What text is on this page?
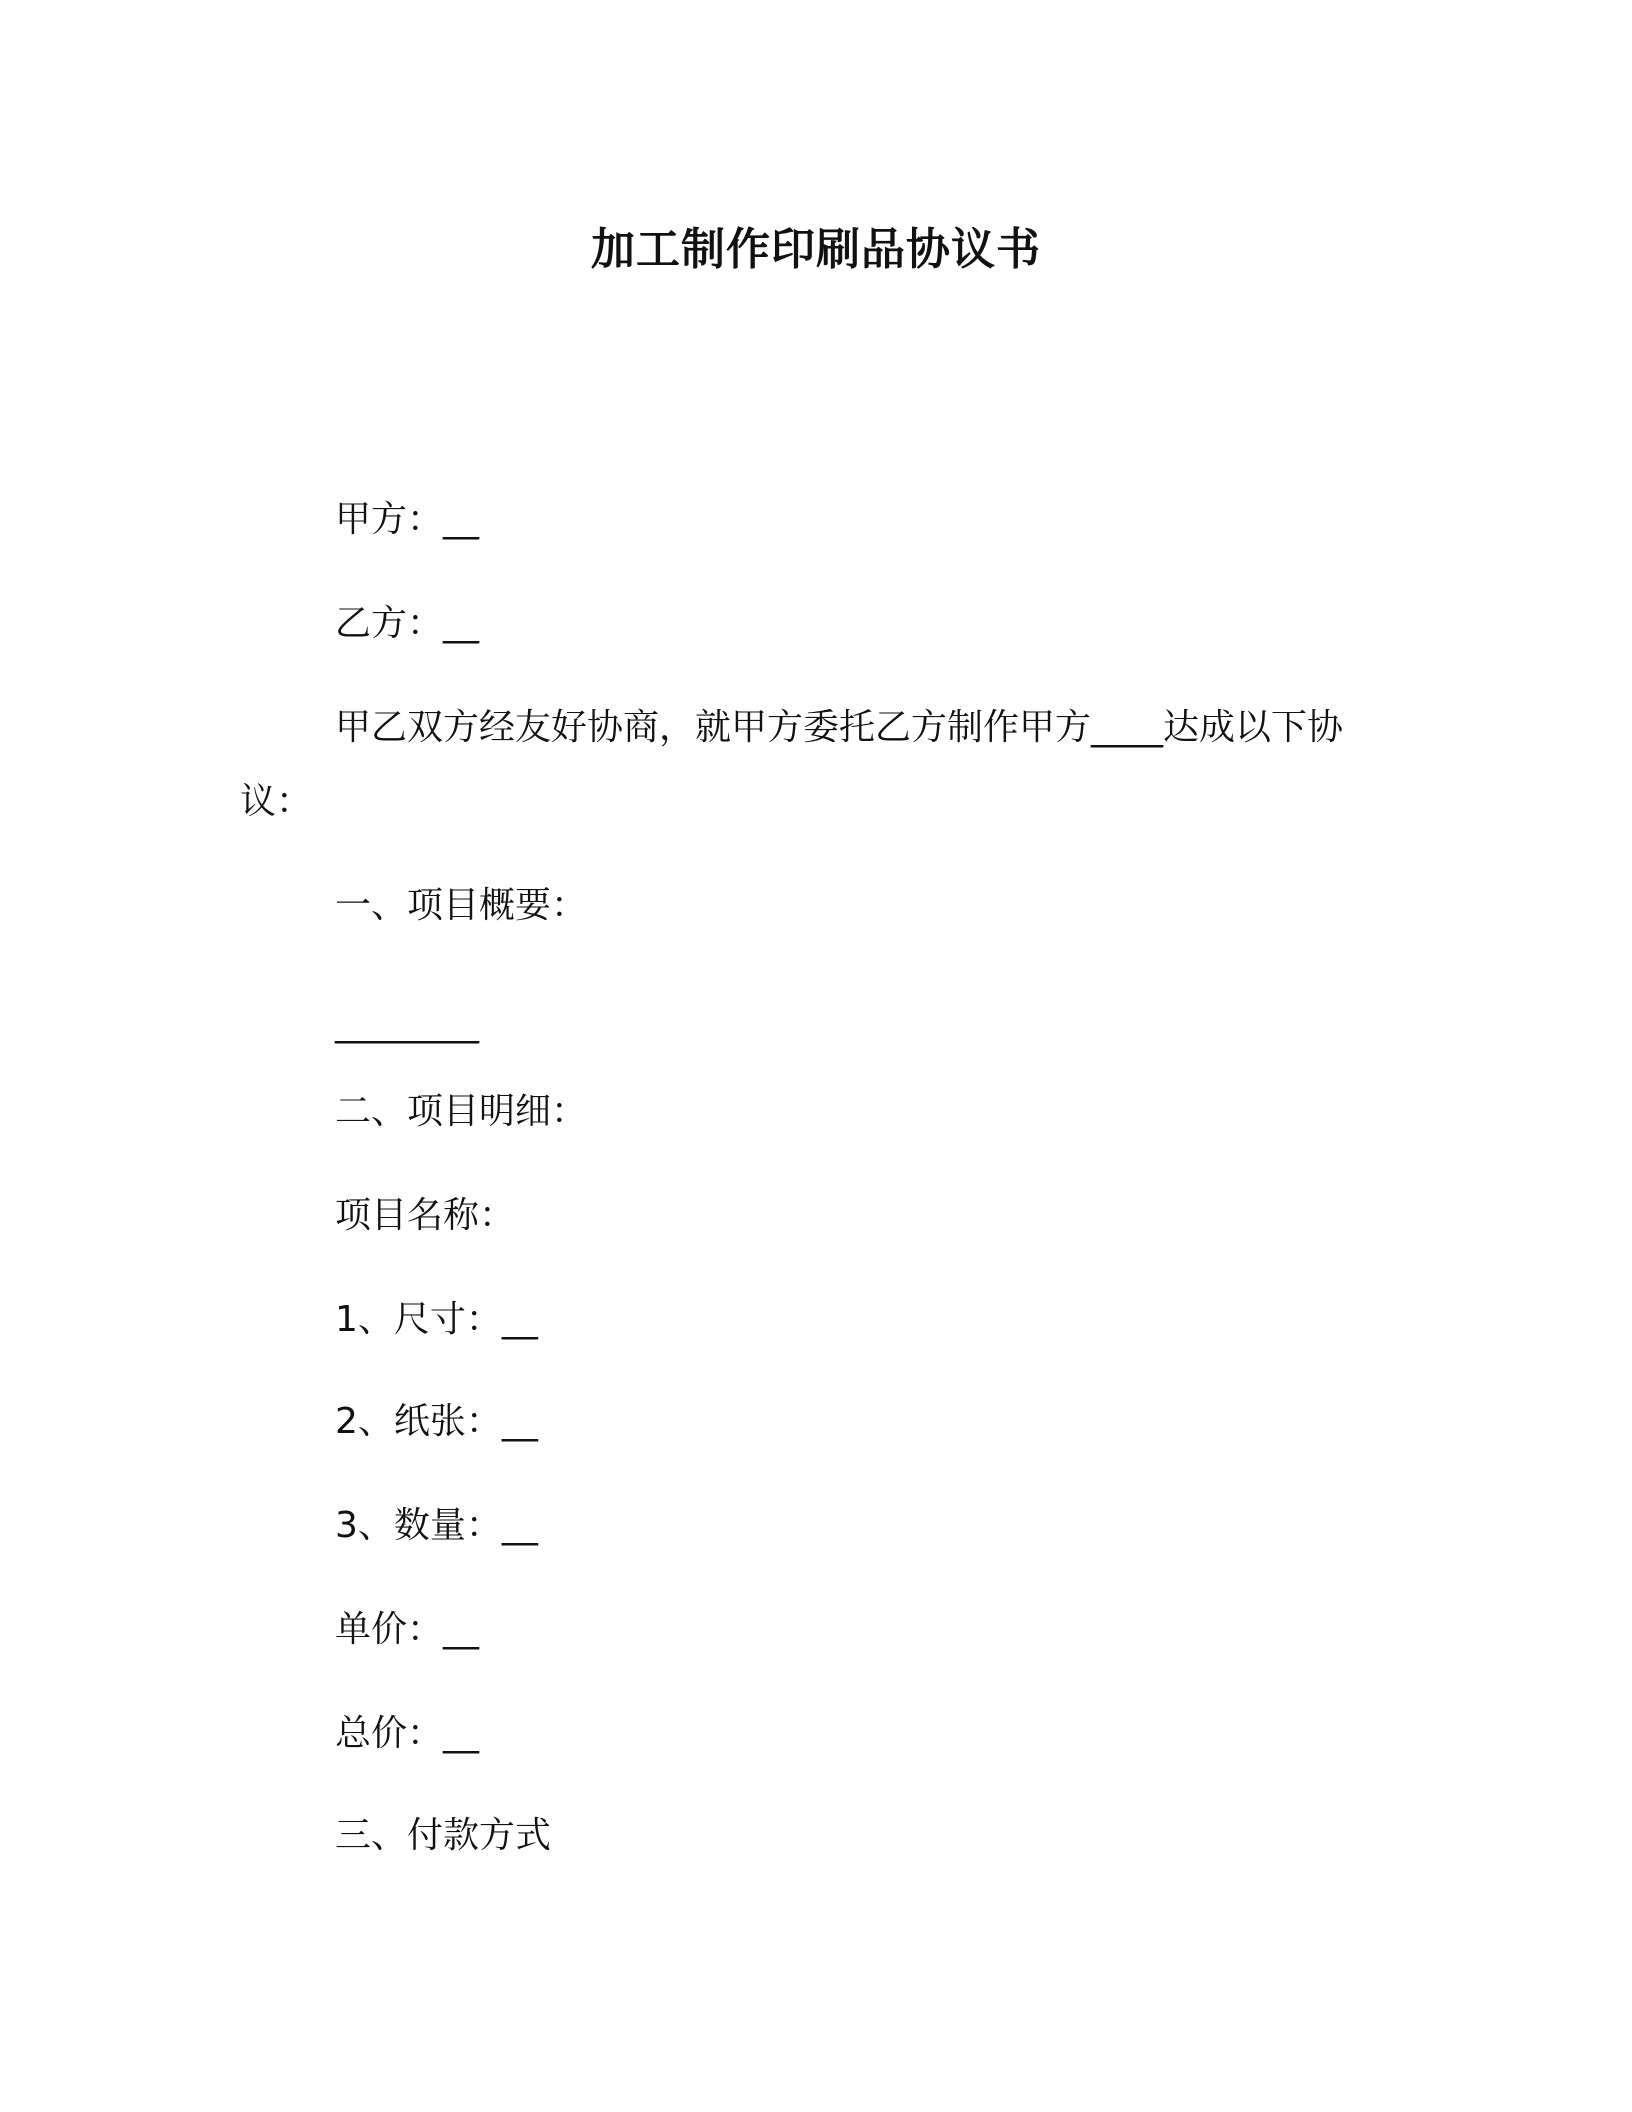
加工制作印刷品协议书
甲方：__
乙方：__
甲乙双方经友好协商，就甲方委托乙方制作甲方____达成以下协
议：
一、项目概要：
________
二、项目明细：
项目名称：
1、尺寸：__
2、纸张：__
3、数量：__
单价：__
总价：__
三、付款方式
